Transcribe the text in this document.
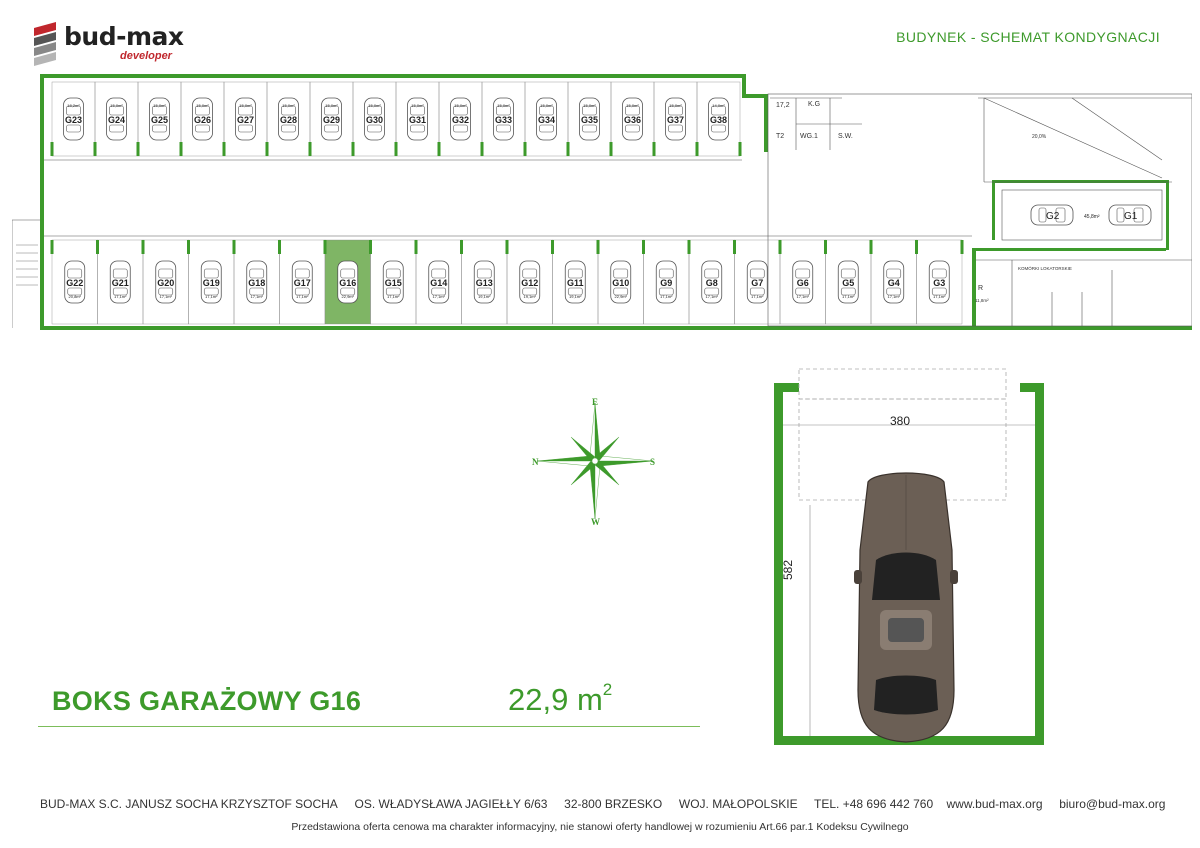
bud-max
developer
BUDYNEK - SCHEMAT KONDYGNACJI
20,0%
17,2	K.G
T2 WG.1	S.W.
R
11,8m²
KOMÓRKI LOKATORSKIE
G23
18,2m²
G24
15,0m²
G25
15,0m²
G26
15,0m²
G27
15,0m²
G28
15,0m²
G29
15,0m²
G30
15,0m²
G31
15,0m²
G32
15,0m²
G33
15,0m²
G34
15,0m²
G35
15,0m²
G36
15,0m²
G37
15,0m²
G38
14,0m²
G22
20,8m²
G21
17,1m²
G20
17,1m²
G19
17,1m²
G18
17,1m²
G17
17,1m²
G16
22,9m²
G15
17,1m²
G14
17,1m²
G13
19,1m²
G12
19,1m²
G11
19,1m²
G10
22,9m²
G9
17,1m²
G8
17,1m²
G7
17,1m²
G6
17,1m²
G5
17,1m²
G4
17,1m²
G3
17,1m²
G2	G1
45,8m²
E
N	S
W
380
582
BOKS GARAŻOWY G16	22,9 $m^2$
BUD-MAX S.C. JANUSZ SOCHA KRZYSZTOF SOCHA OS. WŁADYSŁAWA JAGIEŁŁY 6/63 32-800 BRZESKO WOJ. MAŁOPOLSKIE TEL. +48 696 442 760 www.bud-max.org biuro@bud-max.org
Przedstawiona oferta cenowa ma charakter informacyjny, nie stanowi oferty handlowej w rozumieniu Art.66 par.1 Kodeksu Cywilnego
